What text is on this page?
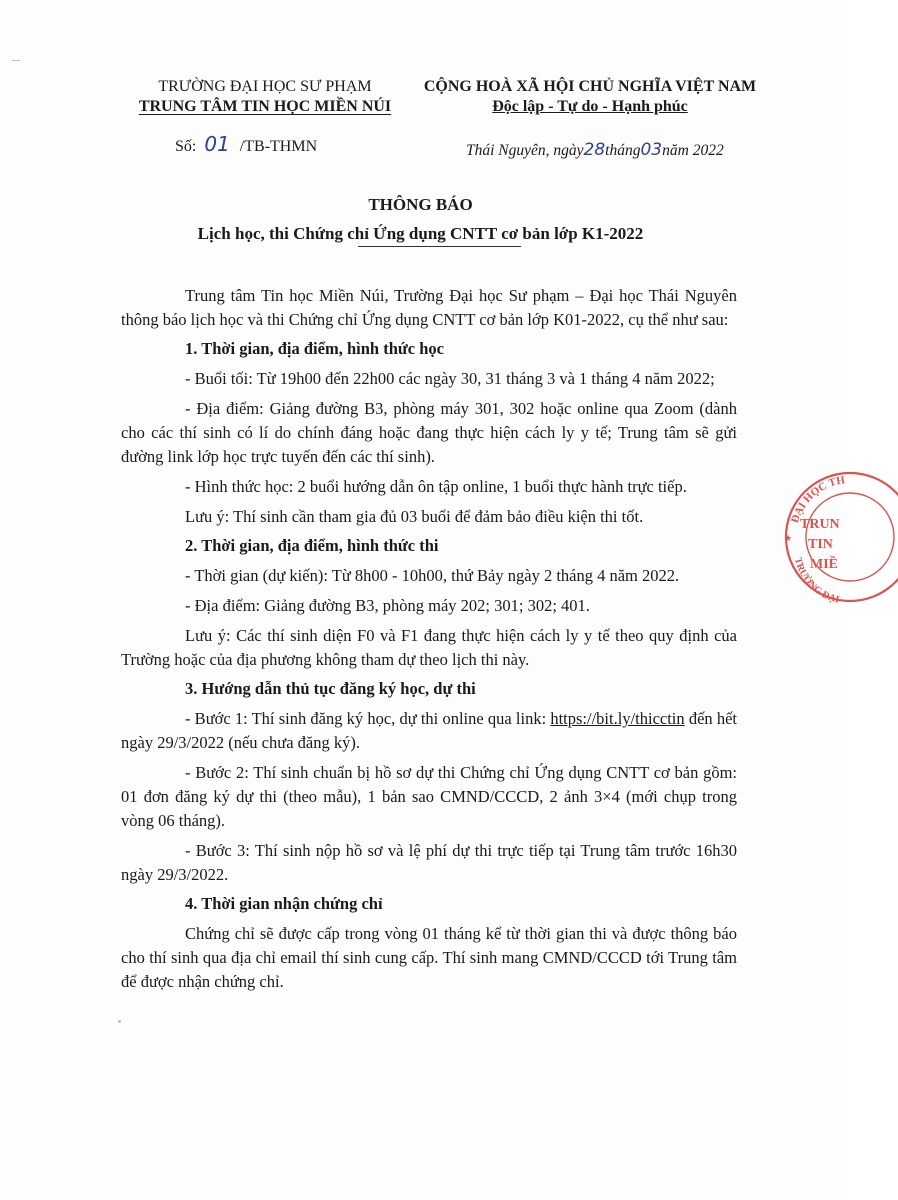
TRƯỜNG ĐẠI HỌC SƯ PHẠM
TRUNG TÂM TIN HỌC MIỀN NÚI
Số: 01 /TB-THMN
CỘNG HOÀ XÃ HỘI CHỦ NGHĨA VIỆT NAM
Độc lập - Tự do - Hạnh phúc
Thái Nguyên, ngày28tháng03năm 2022
THÔNG BÁO
Lịch học, thi Chứng chỉ Ứng dụng CNTT cơ bản lớp K1-2022

Trung tâm Tin học Miền Núi, Trường Đại học Sư phạm – Đại học Thái Nguyên thông báo lịch học và thi Chứng chỉ Ứng dụng CNTT cơ bản lớp K01-2022, cụ thể như sau:

1. Thời gian, địa điểm, hình thức học

- Buổi tối: Từ 19h00 đến 22h00 các ngày 30, 31 tháng 3 và 1 tháng 4 năm 2022;

- Địa điểm: Giảng đường B3, phòng máy 301, 302 hoặc online qua Zoom (dành cho các thí sinh có lí do chính đáng hoặc đang thực hiện cách ly y tế; Trung tâm sẽ gửi đường link lớp học trực tuyến đến các thí sinh).

- Hình thức học: 2 buổi hướng dẫn ôn tập online, 1 buổi thực hành trực tiếp.

Lưu ý: Thí sinh cần tham gia đủ 03 buổi để đảm bảo điều kiện thi tốt.

2. Thời gian, địa điểm, hình thức thi

- Thời gian (dự kiến): Từ 8h00 - 10h00, thứ Bảy ngày 2 tháng 4 năm 2022.

- Địa điểm: Giảng đường B3, phòng máy 202; 301; 302; 401.

Lưu ý: Các thí sinh diện F0 và F1 đang thực hiện cách ly y tế theo quy định của Trường hoặc của địa phương không tham dự theo lịch thi này.

3. Hướng dẫn thủ tục đăng ký học, dự thi

- Bước 1: Thí sinh đăng ký học, dự thi online qua link: https://bit.ly/thicctin đến hết ngày 29/3/2022 (nếu chưa đăng ký).

- Bước 2: Thí sinh chuẩn bị hồ sơ dự thi Chứng chỉ Ứng dụng CNTT cơ bản gồm: 01 đơn đăng ký dự thi (theo mẫu), 1 bản sao CMND/CCCD, 2 ảnh 3×4 (mới chụp trong vòng 06 tháng).

- Bước 3: Thí sinh nộp hồ sơ và lệ phí dự thi trực tiếp tại Trung tâm trước 16h30 ngày 29/3/2022.

4. Thời gian nhận chứng chỉ

Chứng chỉ sẽ được cấp trong vòng 01 tháng kể từ thời gian thi và được thông báo cho thí sinh qua địa chỉ email thí sinh cung cấp. Thí sinh mang CMND/CCCD tới Trung tâm để được nhận chứng chỉ.

ĐẠI HỌC TH
TRƯỜNG ĐẠI
TRUN
TIN
MIỀ
★
